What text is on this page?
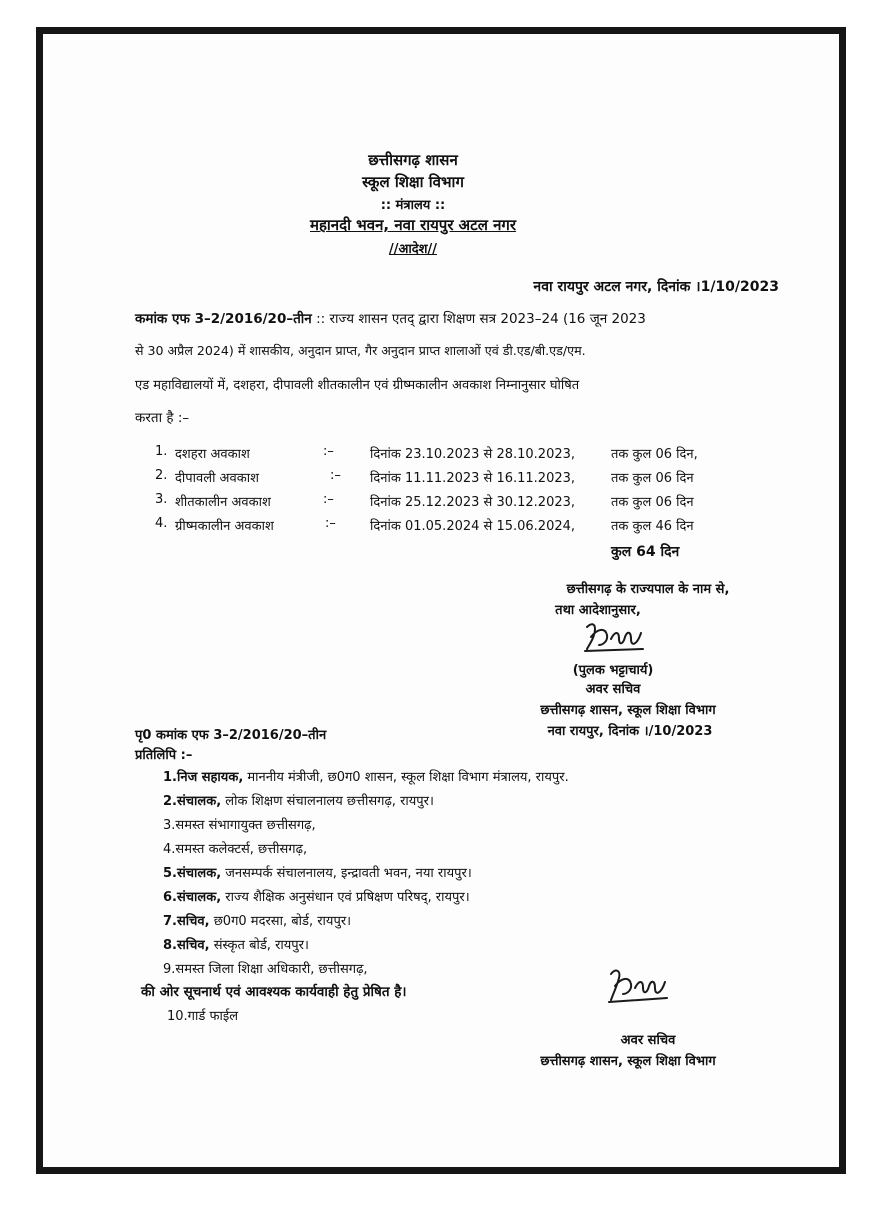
छत्तीसगढ़ शासन
स्कूल शिक्षा विभाग
:: मंत्रालय ::
महानदी भवन, नवा रायपुर अटल नगर
//आदेश//
नवा रायपुर अटल नगर, दिनांक ।1/10/2023
कमांक एफ 3–2/2016/20–तीन :: राज्य शासन एतद् द्वारा शिक्षण सत्र 2023–24 (16 जून 2023
से 30 अप्रैल 2024) में शासकीय, अनुदान प्राप्त, गैर अनुदान प्राप्त शालाओं एवं डी.एड/बी.एड/एम.
एड महाविद्यालयों में, दशहरा, दीपावली शीतकालीन एवं ग्रीष्मकालीन अवकाश निम्नानुसार घोषित
करता है :–
1. दशहरा अवकाश	:–	दिनांक 23.10.2023 से 28.10.2023,	तक कुल 06 दिन,
2. दीपावली अवकाश	:– दिनांक 11.11.2023 से 16.11.2023,	तक कुल 06 दिन
3. शीतकालीन अवकाश	:–	दिनांक 25.12.2023 से 30.12.2023,	तक कुल 06 दिन
4. ग्रीष्मकालीन अवकाश	:–	दिनांक 01.05.2024 से 15.06.2024,	तक कुल 46 दिन
कुल 64 दिन
छत्तीसगढ़ के राज्यपाल के नाम से,
तथा आदेशानुसार,
(पुलक भट्टाचार्य)
अवर सचिव
छत्तीसगढ़ शासन, स्कूल शिक्षा विभाग
नवा रायपुर, दिनांक ।/10/2023
पृ0 कमांक एफ 3–2/2016/20–तीन
प्रतिलिपि :–
1.निज सहायक, माननीय मंत्रीजी, छ0ग0 शासन, स्कूल शिक्षा विभाग मंत्रालय, रायपुर.
2.संचालक, लोक शिक्षण संचालनालय छत्तीसगढ़, रायपुर।
3.समस्त संभागायुक्त छत्तीसगढ़,
4.समस्त कलेक्टर्स, छत्तीसगढ़,
5.संचालक, जनसम्पर्क संचालनालय, इन्द्रावती भवन, नया रायपुर।
6.संचालक, राज्य शैक्षिक अनुसंधान एवं प्रषिक्षण परिषद्, रायपुर।
7.सचिव, छ0ग0 मदरसा, बोर्ड, रायपुर।
8.सचिव, संस्कृत बोर्ड, रायपुर।
9.समस्त जिला शिक्षा अधिकारी, छत्तीसगढ़,
की ओर सूचनार्थ एवं आवश्यक कार्यवाही हेतु प्रेषित है।
10.गार्ड फाईल
अवर सचिव
छत्तीसगढ़ शासन, स्कूल शिक्षा विभाग
